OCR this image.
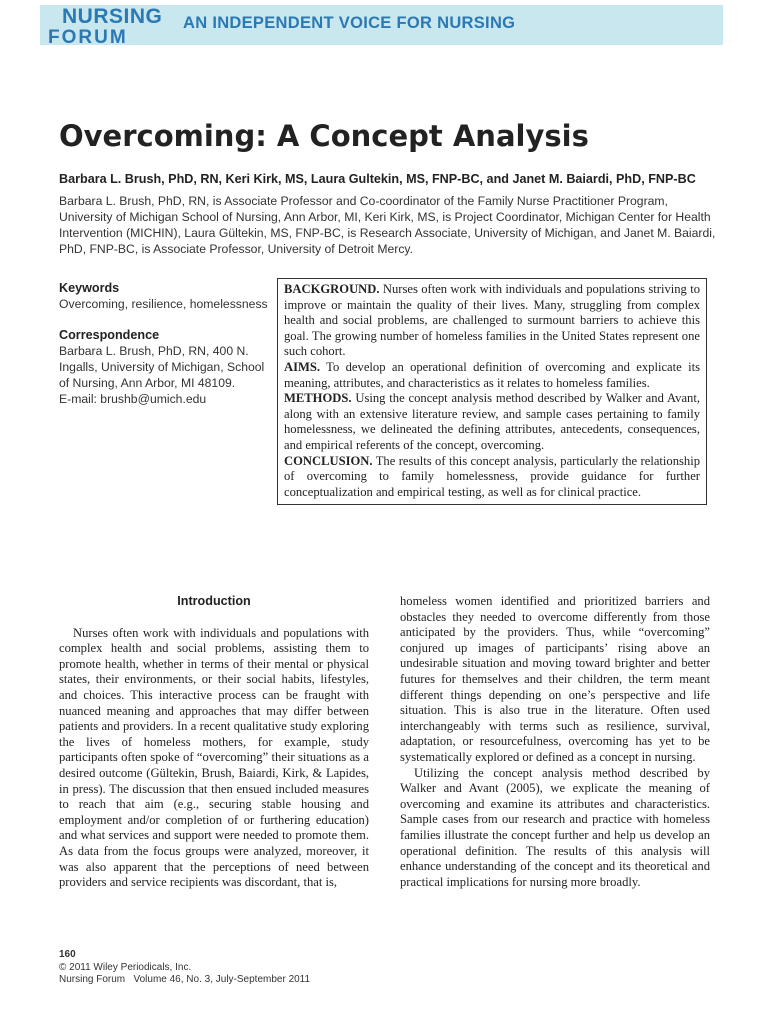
NURSING
FORUM
AN INDEPENDENT VOICE FOR NURSING
Overcoming: A Concept Analysis
Barbara L. Brush, PhD, RN, Keri Kirk, MS, Laura Gultekin, MS, FNP-BC, and Janet M. Baiardi, PhD, FNP-BC
Barbara L. Brush, PhD, RN, is Associate Professor and Co-coordinator of the Family Nurse Practitioner Program, University of Michigan School of Nursing, Ann Arbor, MI, Keri Kirk, MS, is Project Coordinator, Michigan Center for Health Intervention (MICHIN), Laura Gültekin, MS, FNP-BC, is Research Associate, University of Michigan, and Janet M. Baiardi, PhD, FNP-BC, is Associate Professor, University of Detroit Mercy.
Keywords
Overcoming, resilience, homelessness
Correspondence
Barbara L. Brush, PhD, RN, 400 N. Ingalls, University of Michigan, School of Nursing, Ann Arbor, MI 48109.
E-mail: brushb@umich.edu

BACKGROUND. Nurses often work with individuals and populations striving to improve or maintain the quality of their lives. Many, struggling from complex health and social problems, are challenged to surmount barriers to achieve this goal. The growing number of homeless families in the United States represent one such cohort.

AIMS. To develop an operational definition of overcoming and explicate its meaning, attributes, and characteristics as it relates to homeless families.

METHODS. Using the concept analysis method described by Walker and Avant, along with an extensive literature review, and sample cases pertaining to family homelessness, we delineated the defining attributes, antecedents, consequences, and empirical referents of the concept, overcoming.

CONCLUSION. The results of this concept analysis, particularly the relationship of overcoming to family homelessness, provide guidance for further conceptualization and empirical testing, as well as for clinical practice.

Introduction

Nurses often work with individuals and populations with complex health and social problems, assisting them to promote health, whether in terms of their mental or physical states, their environments, or their social habits, lifestyles, and choices. This interactive process can be fraught with nuanced meaning and approaches that may differ between patients and providers. In a recent qualitative study exploring the lives of homeless mothers, for example, study participants often spoke of “overcoming” their situations as a desired outcome (Gültekin, Brush, Baiardi, Kirk, & Lapides, in press). The discussion that then ensued included measures to reach that aim (e.g., securing stable housing and employment and/or completion of or furthering education) and what services and support were needed to promote them. As data from the focus groups were analyzed, moreover, it was also apparent that the perceptions of need between providers and service recipients was discordant, that is,

homeless women identified and prioritized barriers and obstacles they needed to overcome differently from those anticipated by the providers. Thus, while “overcoming” conjured up images of participants’ rising above an undesirable situation and moving toward brighter and better futures for themselves and their children, the term meant different things depending on one’s perspective and life situation. This is also true in the literature. Often used interchangeably with terms such as resilience, survival, adaptation, or resourcefulness, overcoming has yet to be systematically explored or defined as a concept in nursing.

Utilizing the concept analysis method described by Walker and Avant (2005), we explicate the meaning of overcoming and examine its attributes and characteristics. Sample cases from our research and practice with homeless families illustrate the concept further and help us develop an operational definition. The results of this analysis will enhance understanding of the concept and its theoretical and practical implications for nursing more broadly.

160
© 2011 Wiley Periodicals, Inc.
Nursing Forum Volume 46, No. 3, July-September 2011
